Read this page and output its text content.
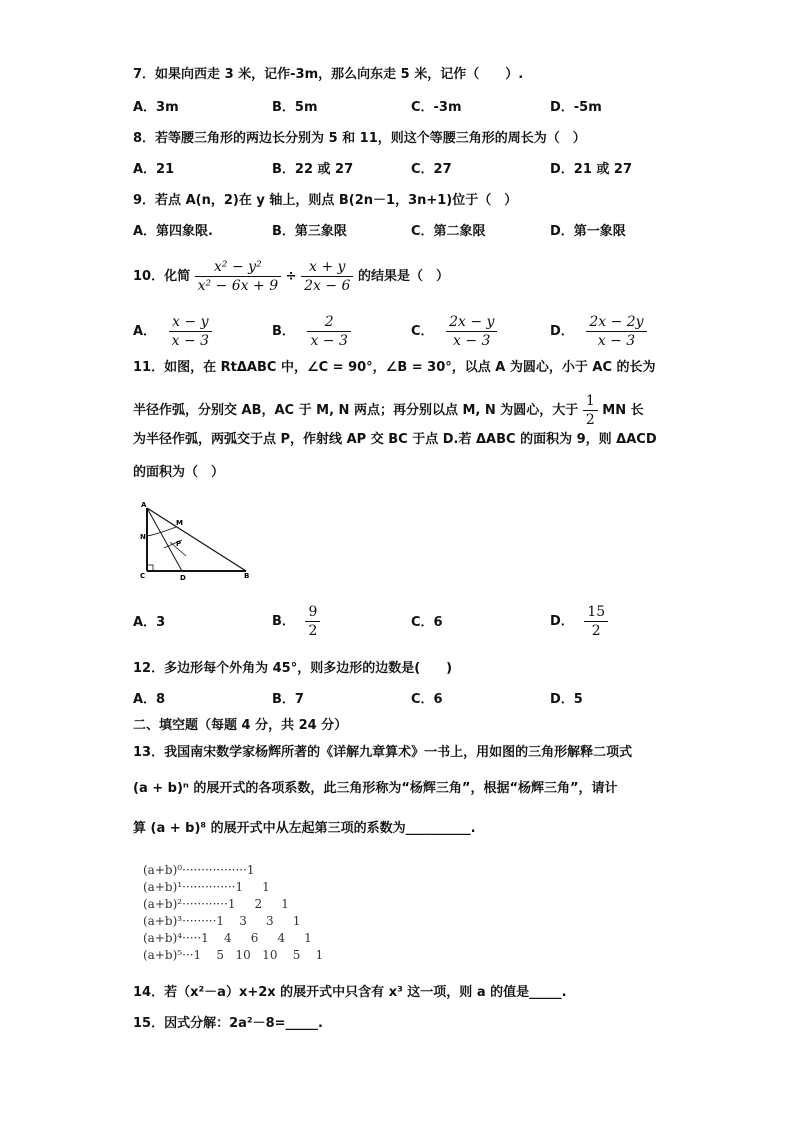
7．如果向西走 3 米，记作-3m，那么向东走 5 米，记作（　　）.
A．3m	B．5m	C．-3m	D．-5m
8．若等腰三角形的两边长分别为 5 和 11，则这个等腰三角形的周长为（　）
A．21	B．22 或 27	C．27	D．21 或 27
9．若点 A(n，2)在 y 轴上，则点 B(2n－1，3n+1)位于（　）
A．第四象限.	B．第三象限	C．第二象限	D．第一象限
10．化简 $\frac{\text{x² − y²}}{\text{x² − 6x + 9}} \div \frac{x + y}{2x - 6}$ 的结果是（　）
A． $\frac{x - y}{x - 3}$	B． $\frac{2}{x - 3}$	C． $\frac{2x - y}{x - 3}$	D． $\frac{2x - 2y}{x - 3}$
11．如图，在 RtΔABC 中，∠C = 90°，∠B = 30°，以点 A 为圆心，小于 AC 的长为
半径作弧，分别交 AB，AC 于 M, N 两点；再分别以点 M, N 为圆心，大于 $\frac{1}{2}$ MN 长
为半径作弧，两弧交于点 P，作射线 AP 交 BC 于点 D.若 ΔABC 的面积为 9，则 ΔACD
的面积为（　）
A
M
N
P
C	D	B
A．3	B． $\frac{9}{2}$	C．6	D． $\frac{15}{2}$
12．多边形每个外角为 45°，则多边形的边数是(　　)
A．8	B．7	C．6	D．5
二、填空题（每题 4 分，共 24 分）
13．我国南宋数学家杨辉所著的《详解九章算术》一书上，用如图的三角形解释二项式
(a + b)ⁿ 的展开式的各项系数，此三角形称为“杨辉三角”，根据“杨辉三角”，请计
算 (a + b)⁸ 的展开式中从左起第三项的系数为__________.
(a+b)⁰·················1
(a+b)¹··············1     1
(a+b)²············1     2     1
(a+b)³·········1    3     3     1
(a+b)⁴·····1    4     6     4     1
(a+b)⁵···1    5   10   10    5    1
14．若（x²－a）x+2x 的展开式中只含有 x³ 这一项，则 a 的值是_____.
15．因式分解：2a²－8=_____.
